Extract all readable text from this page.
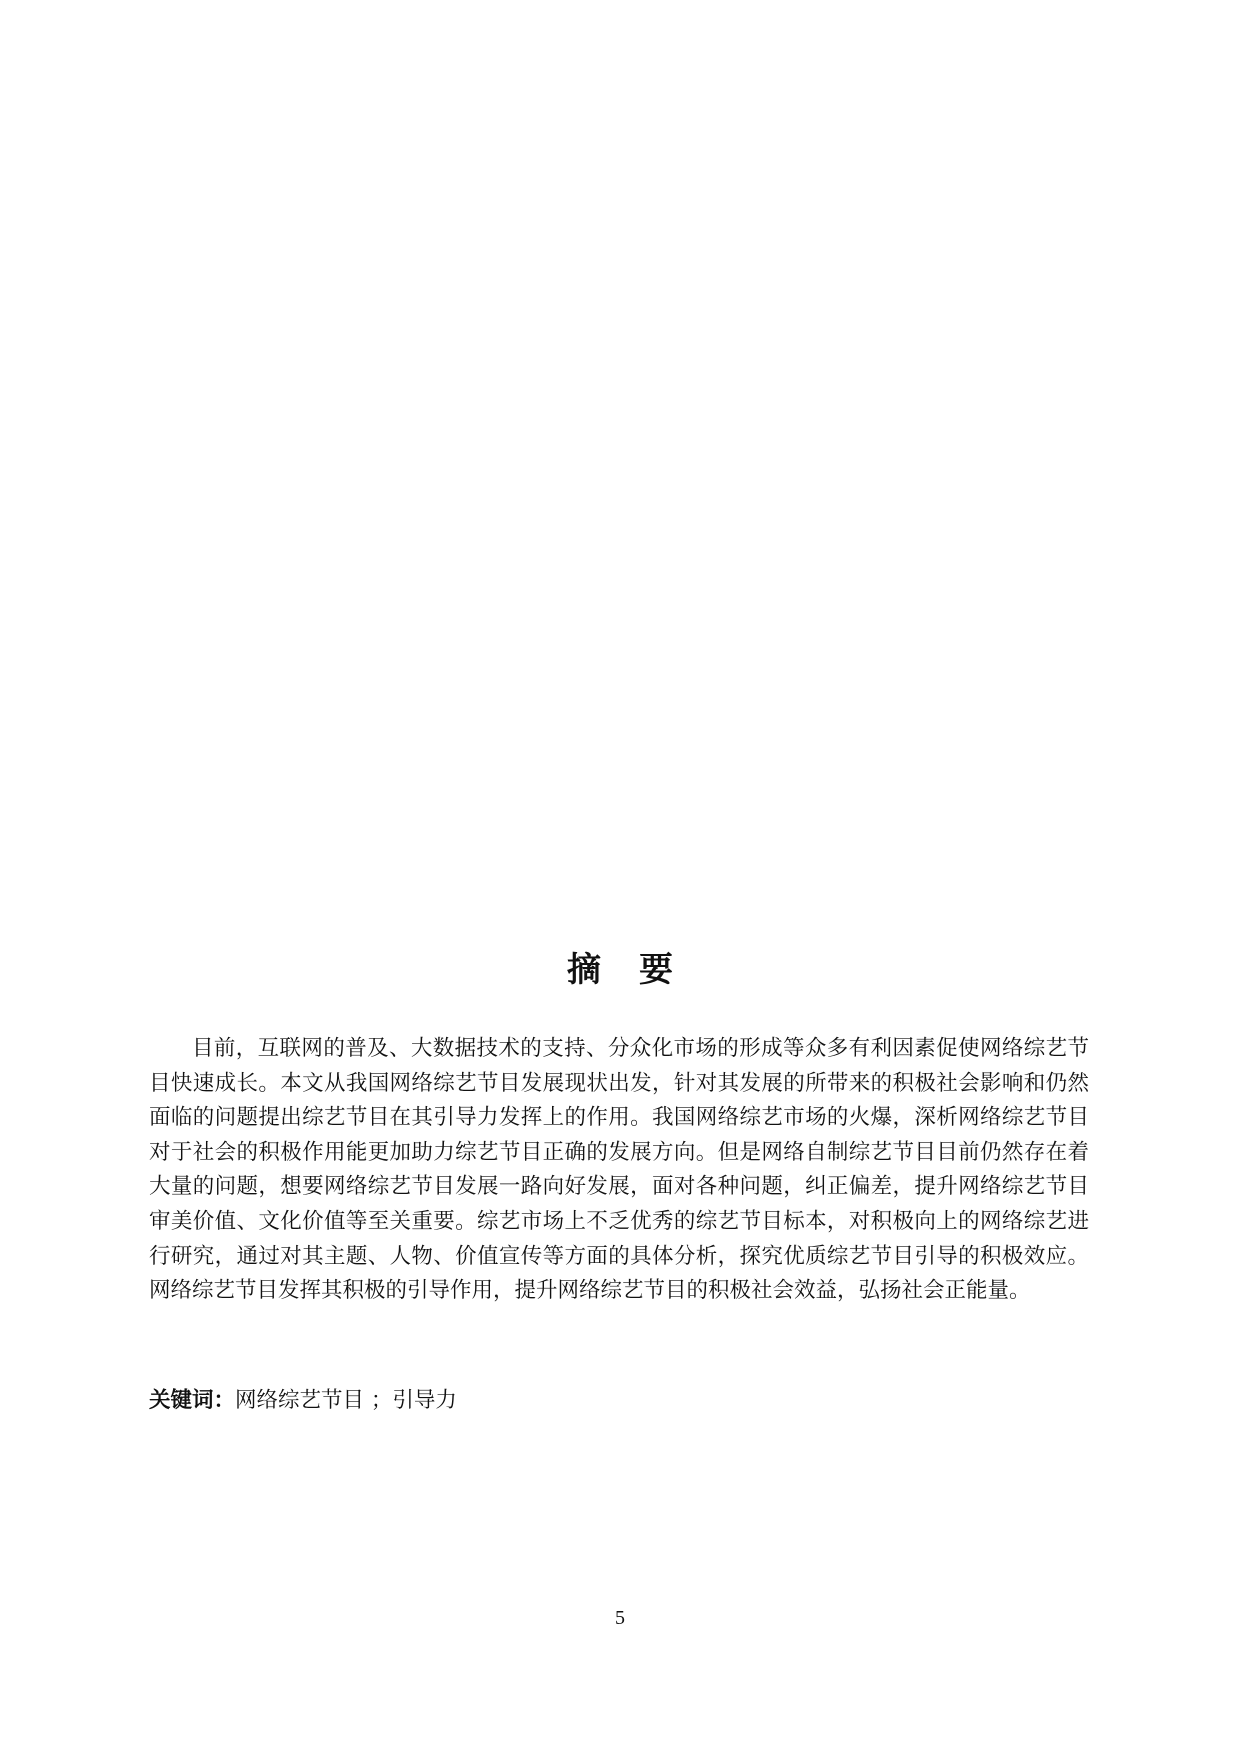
摘 要

目前，互联网的普及、大数据技术的支持、分众化市场的形成等众多有利因素促使网络综艺节目快速成长。本文从我国网络综艺节目发展现状出发，针对其发展的所带来的积极社会影响和仍然面临的问题提出综艺节目在其引导力发挥上的作用。我国网络综艺市场的火爆，深析网络综艺节目对于社会的积极作用能更加助力综艺节目正确的发展方向。但是网络自制综艺节目目前仍然存在着大量的问题，想要网络综艺节目发展一路向好发展，面对各种问题，纠正偏差，提升网络综艺节目审美价值、文化价值等至关重要。综艺市场上不乏优秀的综艺节目标本，对积极向上的网络综艺进行研究，通过对其主题、人物、价值宣传等方面的具体分析，探究优质综艺节目引导的积极效应。网络综艺节目发挥其积极的引导作用，提升网络综艺节目的积极社会效益，弘扬社会正能量。

关键词：网络综艺节目 ；引导力

5
